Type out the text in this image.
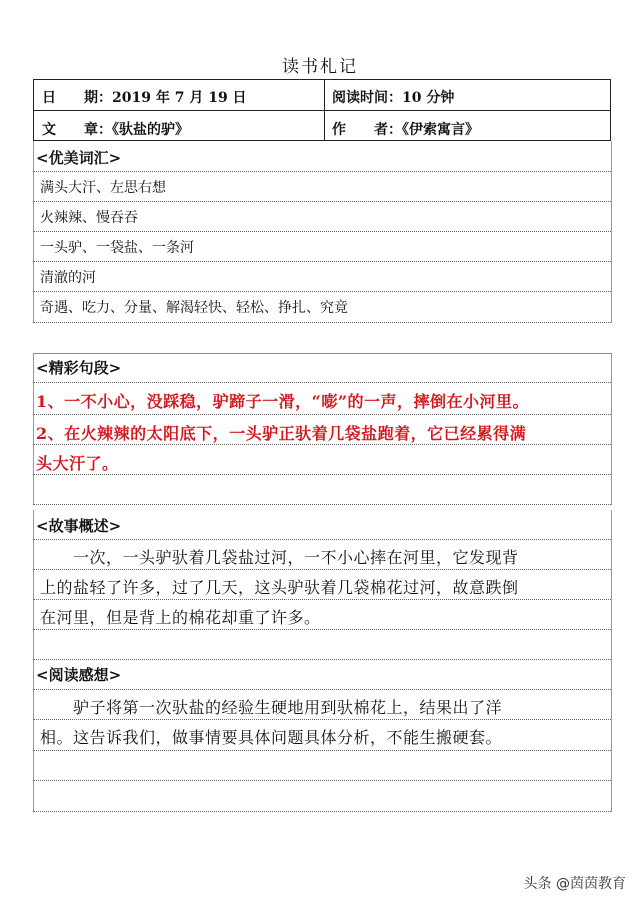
读书札记
日　　期：2019 年 7 月 19 日	阅读时间：10 分钟
文　　章：《驮盐的驴》	作　　者：《伊索寓言》
<优美词汇>
满头大汗、左思右想
火辣辣、慢吞吞
一头驴、一袋盐、一条河
清澈的河
奇遇、吃力、分量、解渴轻快、轻松、挣扎、究竟
<精彩句段>
1、一不小心，没踩稳，驴蹄子一滑，“嘭”的一声，摔倒在小河里。
2、在火辣辣的太阳底下，一头驴正驮着几袋盐跑着，它已经累得满
头大汗了。
<故事概述>
　　一次，一头驴驮着几袋盐过河，一不小心摔在河里，它发现背
上的盐轻了许多，过了几天，这头驴驮着几袋棉花过河，故意跌倒
在河里，但是背上的棉花却重了许多。
<阅读感想>
　　驴子将第一次驮盐的经验生硬地用到驮棉花上，结果出了洋
相。这告诉我们，做事情要具体问题具体分析，不能生搬硬套。
头条 @茵茵教育
